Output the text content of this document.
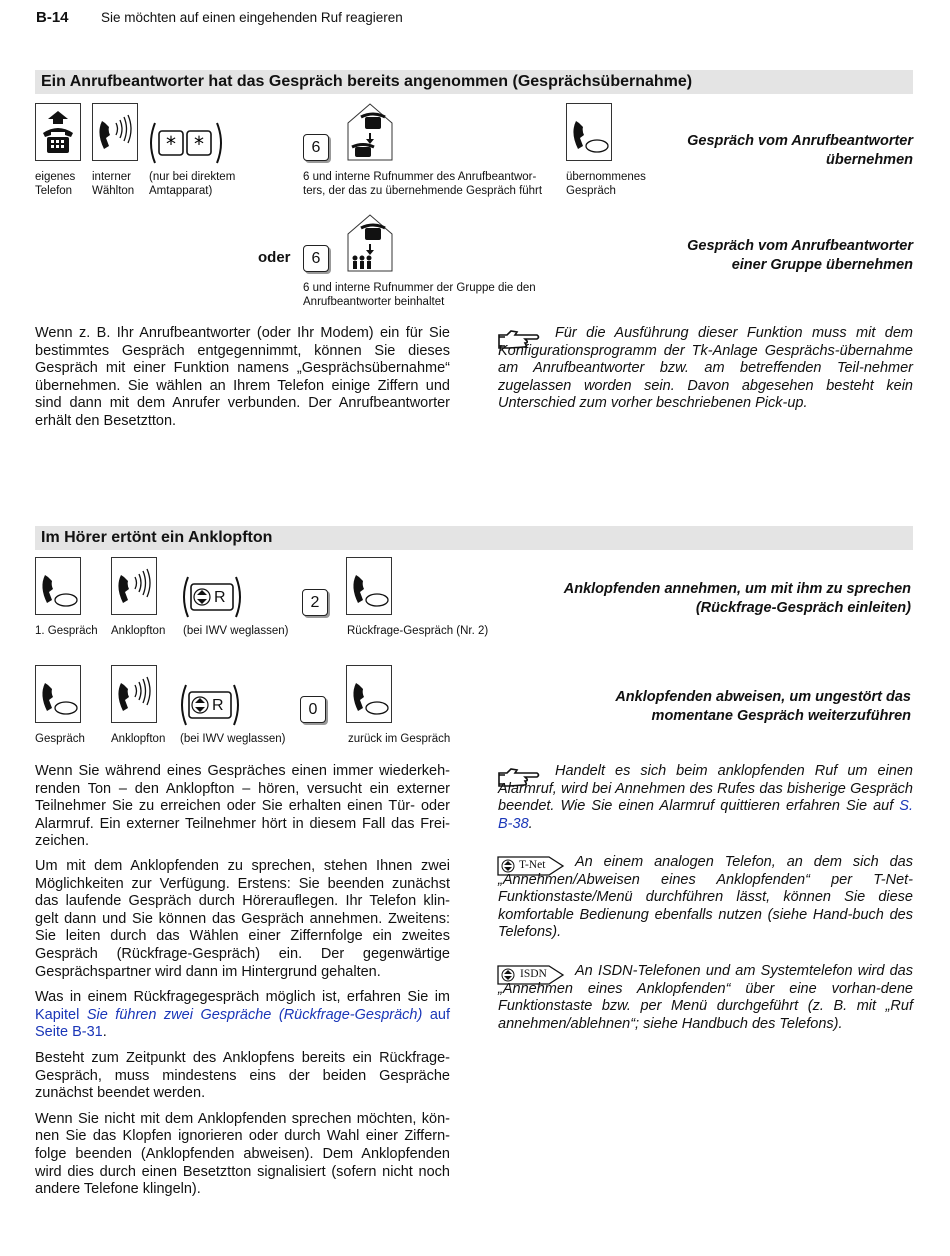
B-14 Sie möchten auf einen eingehenden Ruf reagieren
Ein Anrufbeantworter hat das Gespräch bereits angenommen (Gesprächsübernahme)
* *
eigenes
Telefon
interner
Wählton
(nur bei direktem
Amtapparat)
6
6 und interne Rufnummer des Anrufbeantwor-
ters, der das zu übernehmende Gespräch führt
übernommenes
Gespräch
Gespräch vom Anrufbeantworter
übernehmen
oder	6
6 und interne Rufnummer der Gruppe die den
Anrufbeantworter beinhaltet
Gespräch vom Anrufbeantworter
einer Gruppe übernehmen
Wenn z. B. Ihr Anrufbeantworter (oder Ihr Modem) ein für Sie bestimmtes Gespräch entgegennimmt, können Sie dieses Gespräch mit einer Funktion namens „Gesprächsübernahme“ übernehmen. Sie wählen an Ihrem Telefon einige Ziffern und sind dann mit dem Anrufer verbunden. Der Anrufbeantworter erhält den Besetztton.
Für die Ausführung dieser Funktion muss mit dem Konfigurationsprogramm der Tk-Anlage Gesprächs-übernahme am Anrufbeantworter bzw. am betreffenden Teil-nehmer zugelassen worden sein. Davon abgesehen besteht kein Unterschied zum vorher beschriebenen Pick-up.
Im Hörer ertönt ein Anklopfton
R	2
1. Gespräch Anklopfton (bei IWV weglassen)	Rückfrage-Gespräch (Nr. 2)
Anklopfenden annehmen, um mit ihm zu sprechen
(Rückfrage-Gespräch einleiten)
R	0
Gespräch Anklopfton (bei IWV weglassen)	zurück im Gespräch
Anklopfenden abweisen, um ungestört das
momentane Gespräch weiterzuführen

Wenn Sie während eines Gespräches einen immer wiederkeh-renden Ton – den Anklopfton – hören, versucht ein externer Teilnehmer Sie zu erreichen oder Sie erhalten einen Tür- oder Alarmruf. Ein externer Teilnehmer hört in diesem Fall das Frei-zeichen.

Um mit dem Anklopfenden zu sprechen, stehen Ihnen zwei Möglichkeiten zur Verfügung. Erstens: Sie beenden zunächst das laufende Gespräch durch Hörerauflegen. Ihr Telefon klin-gelt dann und Sie können das Gespräch annehmen. Zweitens: Sie leiten durch das Wählen einer Ziffernfolge ein zweites Gespräch (Rückfrage-Gespräch) ein. Der gegenwärtige Gesprächspartner wird dann im Hintergrund gehalten.

Was in einem Rückfragegespräch möglich ist, erfahren Sie im Kapitel Sie führen zwei Gespräche (Rückfrage-Gespräch) auf Seite B-31.

Besteht zum Zeitpunkt des Anklopfens bereits ein Rückfrage-Gespräch, muss mindestens eins der beiden Gespräche zunächst beendet werden.

Wenn Sie nicht mit dem Anklopfenden sprechen möchten, kön-nen Sie das Klopfen ignorieren oder durch Wahl einer Ziffern-folge beenden (Anklopfenden abweisen). Dem Anklopfenden wird dies durch einen Besetztton signalisiert (sofern nicht noch andere Telefone klingeln).

Handelt es sich beim anklopfenden Ruf um einen Alarmruf, wird bei Annehmen des Rufes das bisherige Gespräch beendet. Wie Sie einen Alarmruf quittieren erfahren Sie auf S. B-38.
T-Net	An einem analogen Telefon, an dem sich das „Annehmen/Abweisen eines Anklopfenden“ per T-Net-Funktionstaste/Menü durchführen lässt, können Sie diese komfortable Bedienung ebenfalls nutzen (siehe Hand-buch des Telefons).
ISDN	An ISDN-Telefonen und am Systemtelefon wird das „Annehmen eines Anklopfenden“ über eine vorhan-dene Funktionstaste bzw. per Menü durchgeführt (z. B. mit „Ruf annehmen/ablehnen“; siehe Handbuch des Telefons).
